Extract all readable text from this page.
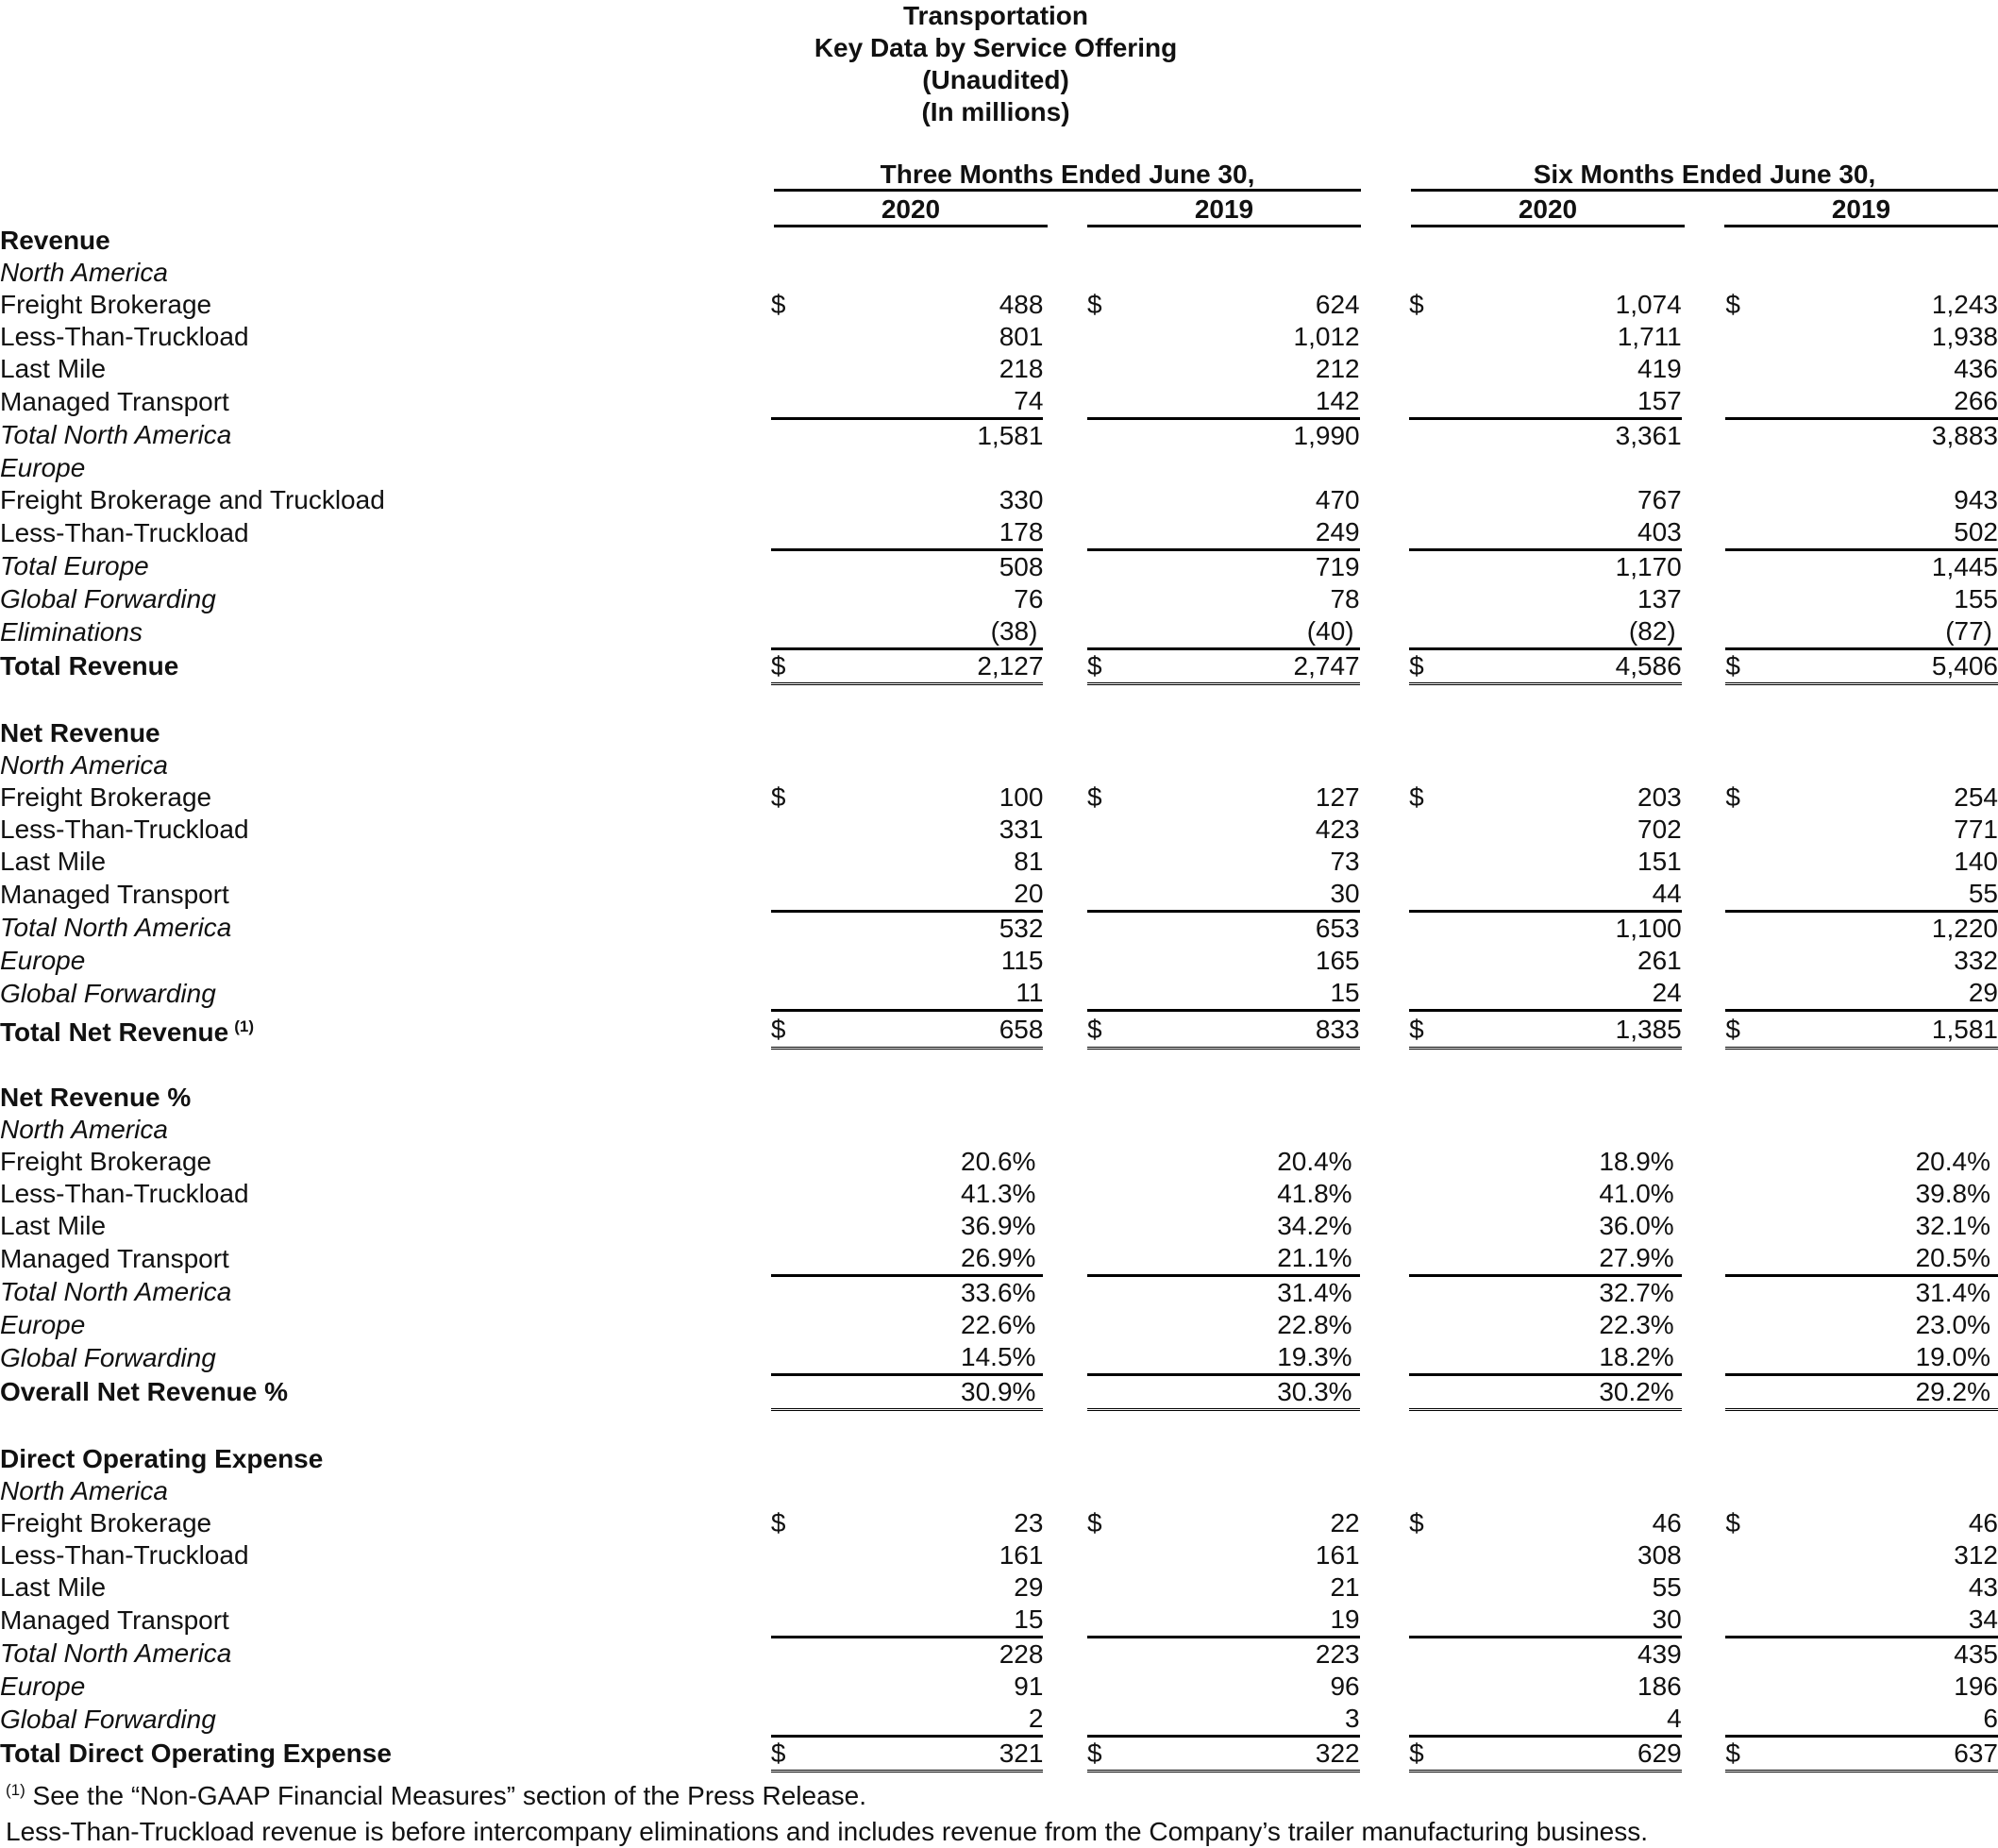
Transportation
Key Data by Service Offering
(Unaudited)
(In millions)
Three Months Ended June 30,	Six Months Ended June 30,
2020	2019	2020	2019
Revenue											
North America											
Freight Brokerage	$	488		$	624		$	1,074		$	1,243
Less-Than-Truckload		801			1,012			1,711			1,938
Last Mile		218			212			419			436
Managed Transport		74			142			157			266
Total North America		1,581			1,990			3,361			3,883
Europe											
Freight Brokerage and Truckload		330			470			767			943
Less-Than-Truckload		178			249			403			502
Total Europe		508			719			1,170			1,445
Global Forwarding		76			78			137			155
Eliminations		(38)			(40)			(82)			(77)
Total Revenue	$	2,127		$	2,747		$	4,586		$	5,406

Net Revenue											
North America											
Freight Brokerage	$	100		$	127		$	203		$	254
Less-Than-Truckload		331			423			702			771
Last Mile		81			73			151			140
Managed Transport		20			30			44			55
Total North America		532			653			1,100			1,220
Europe		115			165			261			332
Global Forwarding		11			15			24			29
Total Net Revenue $^{(1)}$	$	658		$	833		$	1,385		$	1,581

Net Revenue %											
North America											
Freight Brokerage		20.6%			20.4%			18.9%			20.4%
Less-Than-Truckload		41.3%			41.8%			41.0%			39.8%
Last Mile		36.9%			34.2%			36.0%			32.1%
Managed Transport		26.9%			21.1%			27.9%			20.5%
Total North America		33.6%			31.4%			32.7%			31.4%
Europe		22.6%			22.8%			22.3%			23.0%
Global Forwarding		14.5%			19.3%			18.2%			19.0%
Overall Net Revenue %		30.9%			30.3%			30.2%			29.2%

Direct Operating Expense											
North America											
Freight Brokerage	$	23		$	22		$	46		$	46
Less-Than-Truckload		161			161			308			312
Last Mile		29			21			55			43
Managed Transport		15			19			30			34
Total North America		228			223			439			435
Europe		91			96			186			196
Global Forwarding		2			3			4			6
Total Direct Operating Expense	$	321		$	322		$	629		$	637
$^{(1)}$ See the “Non-GAAP Financial Measures” section of the Press Release.
Less-Than-Truckload revenue is before intercompany eliminations and includes revenue from the Company’s trailer manufacturing business.
